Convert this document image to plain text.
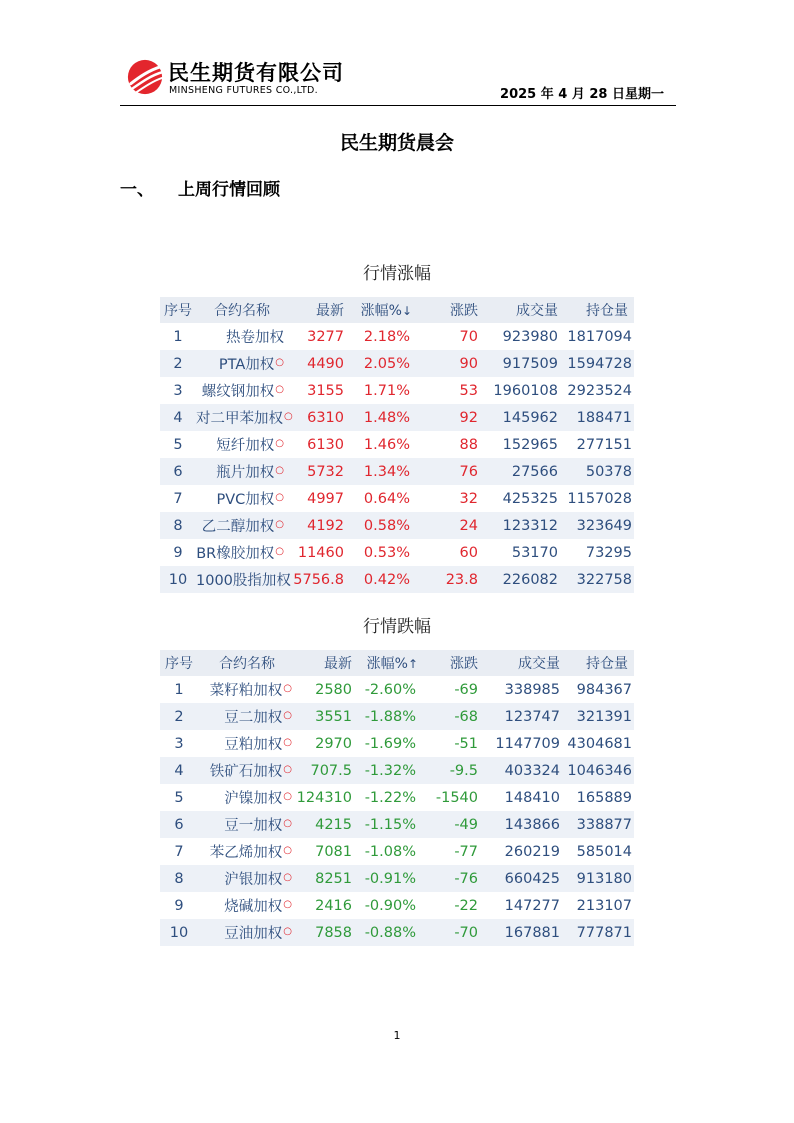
民生期货有限公司
MINSHENG FUTURES CO.,LTD.	2025 年 4 月 28 日星期一
民生期货晨会
一、 上周行情回顾
行情涨幅
序号	合约名称	最新	涨幅%↓	涨跌	成交量	持仓量
1	热卷加权	3277	2.18%	70	923980	1817094
2	PTA加权○	4490	2.05%	90	917509	1594728
3	螺纹钢加权○	3155	1.71%	53	1960108	2923524
4	对二甲苯加权○	6310	1.48%	92	145962	188471
5	短纤加权○	6130	1.46%	88	152965	277151
6	瓶片加权○	5732	1.34%	76	27566	50378
7	PVC加权○	4997	0.64%	32	425325	1157028
8	乙二醇加权○	4192	0.58%	24	123312	323649
9	BR橡胶加权○	11460	0.53%	60	53170	73295
10	1000股指加权	5756.8	0.42%	23.8	226082	322758
行情跌幅
序号	合约名称	最新	涨幅%↑	涨跌	成交量	持仓量
1	菜籽粕加权○	2580	-2.60%	-69	338985	984367
2	豆二加权○	3551	-1.88%	-68	123747	321391
3	豆粕加权○	2970	-1.69%	-51	1147709	4304681
4	铁矿石加权○	707.5	-1.32%	-9.5	403324	1046346
5	沪镍加权○	124310	-1.22%	-1540	148410	165889
6	豆一加权○	4215	-1.15%	-49	143866	338877
7	苯乙烯加权○	7081	-1.08%	-77	260219	585014
8	沪银加权○	8251	-0.91%	-76	660425	913180
9	烧碱加权○	2416	-0.90%	-22	147277	213107
10	豆油加权○	7858	-0.88%	-70	167881	777871
1
